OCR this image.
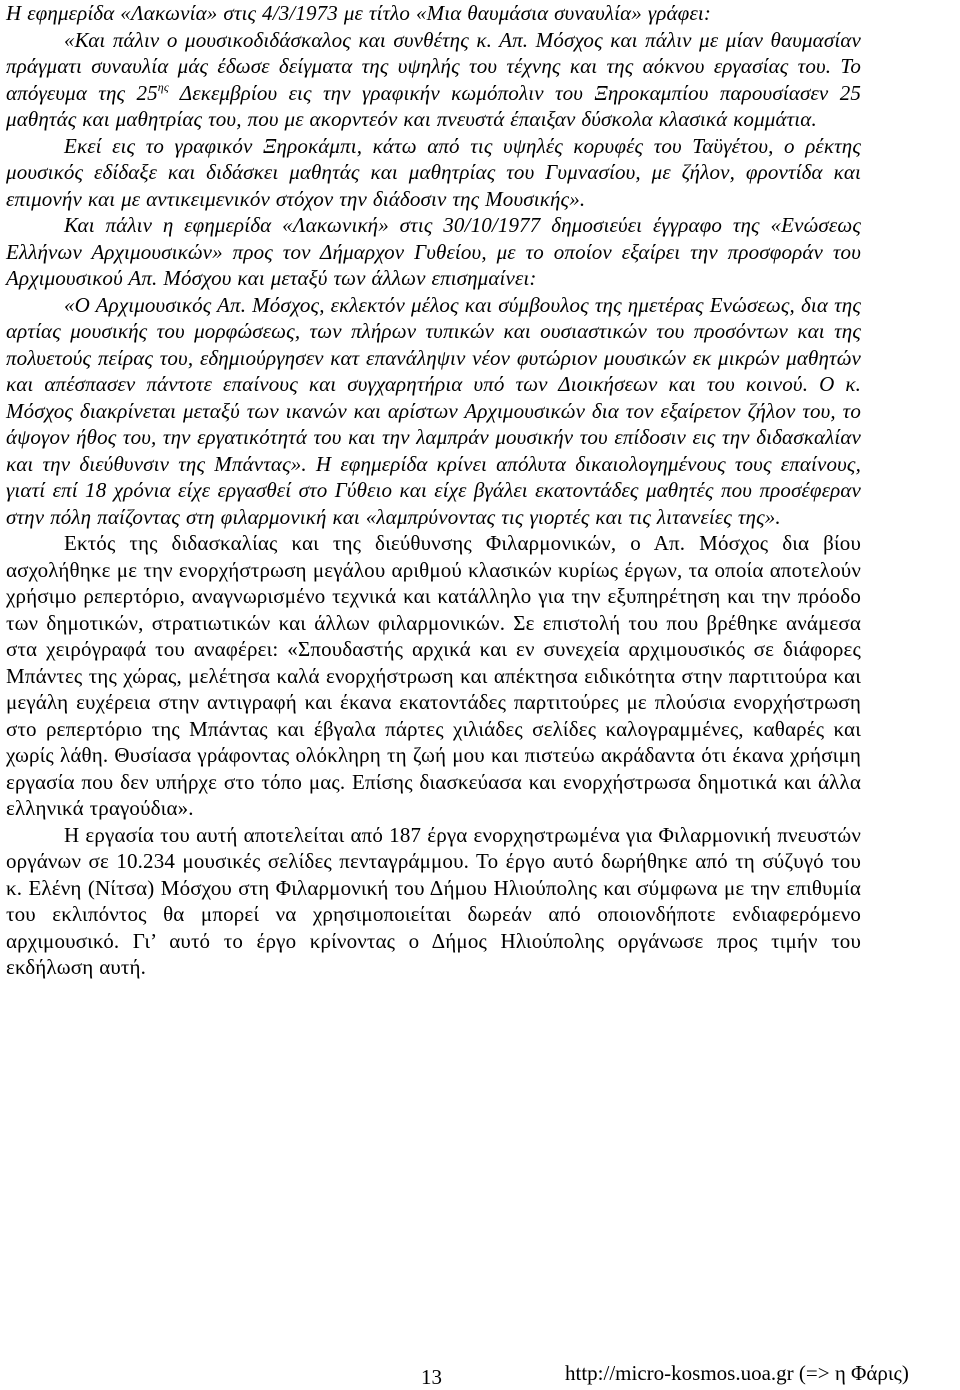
Η εφημερίδα «Λακωνία» στις 4/3/1973 με τίτλο «Μια θαυμάσια συναυλία» γράφει:

«Και πάλιν ο μουσικοδιδάσκαλος και συνθέτης κ. Απ. Μόσχος και πάλιν με μίαν θαυμασίαν πράγματι συναυλία μάς έδωσε δείγματα της υψηλής του τέχνης και της αόκνου εργασίας του. Το απόγευμα της $25^{\eta\varsigma}$ Δεκεμβρίου εις την γραφικήν κωμόπολιν του Ξηροκαμπίου παρουσίασεν 25 μαθητάς και μαθητρίας του, που με ακορντεόν και πνευστά έπαιξαν δύσκολα κλασικά κομμάτια.

Εκεί εις το γραφικόν Ξηροκάμπι, κάτω από τις υψηλές κορυφές του Ταϋγέτου, ο ρέκτης μουσικός εδίδαξε και διδάσκει μαθητάς και μαθητρίας του Γυμνασίου, με ζήλον, φροντίδα και επιμονήν και με αντικειμενικόν στόχον την διάδοσιν της Μουσικής».

Και πάλιν η εφημερίδα «Λακωνική» στις 30/10/1977 δημοσιεύει έγγραφο της «Ενώσεως Ελλήνων Αρχιμουσικών» προς τον Δήμαρχον Γυθείου, με το οποίον εξαίρει την προσφοράν του Αρχιμουσικού Απ. Μόσχου και μεταξύ των άλλων επισημαίνει:

«Ο Αρχιμουσικός Απ. Μόσχος, εκλεκτόν μέλος και σύμβουλος της ημετέρας Ενώσεως, δια της αρτίας μουσικής του μορφώσεως, των πλήρων τυπικών και ουσιαστικών του προσόντων και της πολυετούς πείρας του, εδημιούργησεν κατ επανάληψιν νέον φυτώριον μουσικών εκ μικρών μαθητών και απέσπασεν πάντοτε επαίνους και συγχαρητήρια υπό των Διοικήσεων και του κοινού. Ο κ. Μόσχος διακρίνεται μεταξύ των ικανών και αρίστων Αρχιμουσικών δια τον εξαίρετον ζήλον του, το άψογον ήθος του, την εργατικότητά του και την λαμπράν μουσικήν του επίδοσιν εις την διδασκαλίαν και την διεύθυνσιν της Μπάντας». Η εφημερίδα κρίνει απόλυτα δικαιολογημένους τους επαίνους, γιατί επί 18 χρόνια είχε εργασθεί στο Γύθειο και είχε βγάλει εκατοντάδες μαθητές που προσέφεραν στην πόλη παίζοντας στη φιλαρμονική και «λαμπρύνοντας τις γιορτές και τις λιτανείες της».

Εκτός της διδασκαλίας και της διεύθυνσης Φιλαρμονικών, ο Απ. Μόσχος δια βίου ασχολήθηκε με την ενορχήστρωση μεγάλου αριθμού κλασικών κυρίως έργων, τα οποία αποτελούν χρήσιμο ρεπερτόριο, αναγνωρισμένο τεχνικά και κατάλληλο για την εξυπηρέτηση και την πρόοδο των δημοτικών, στρατιωτικών και άλλων φιλαρμονικών. Σε επιστολή του που βρέθηκε ανάμεσα στα χειρόγραφά του αναφέρει: «Σπουδαστής αρχικά και εν συνεχεία αρχιμουσικός σε διάφορες Μπάντες της χώρας, μελέτησα καλά ενορχήστρωση και απέκτησα ειδικότητα στην παρτιτούρα και μεγάλη ευχέρεια στην αντιγραφή και έκανα εκατοντάδες παρτιτούρες με πλούσια ενορχήστρωση στο ρεπερτόριο της Μπάντας και έβγαλα πάρτες χιλιάδες σελίδες καλογραμμένες, καθαρές και χωρίς λάθη. Θυσίασα γράφοντας ολόκληρη τη ζωή μου και πιστεύω ακράδαντα ότι έκανα χρήσιμη εργασία που δεν υπήρχε στο τόπο μας. Επίσης διασκεύασα και ενορχήστρωσα δημοτικά και άλλα ελληνικά τραγούδια».

Η εργασία του αυτή αποτελείται από 187 έργα ενορχηστρωμένα για Φιλαρμονική πνευστών οργάνων σε 10.234 μουσικές σελίδες πενταγράμμου. Το έργο αυτό δωρήθηκε από τη σύζυγό του κ. Ελένη (Νίτσα) Μόσχου στη Φιλαρμονική του Δήμου Ηλιούπολης και σύμφωνα με την επιθυμία του εκλιπόντος θα μπορεί να χρησιμοποιείται δωρεάν από οποιονδήποτε ενδιαφερόμενο αρχιμουσικό. Γι’ αυτό το έργο κρίνοντας ο Δήμος Ηλιούπολης οργάνωσε προς τιμήν του εκδήλωση αυτή.

13	http://micro-kosmos.uoa.gr (=> η Φάρις)
